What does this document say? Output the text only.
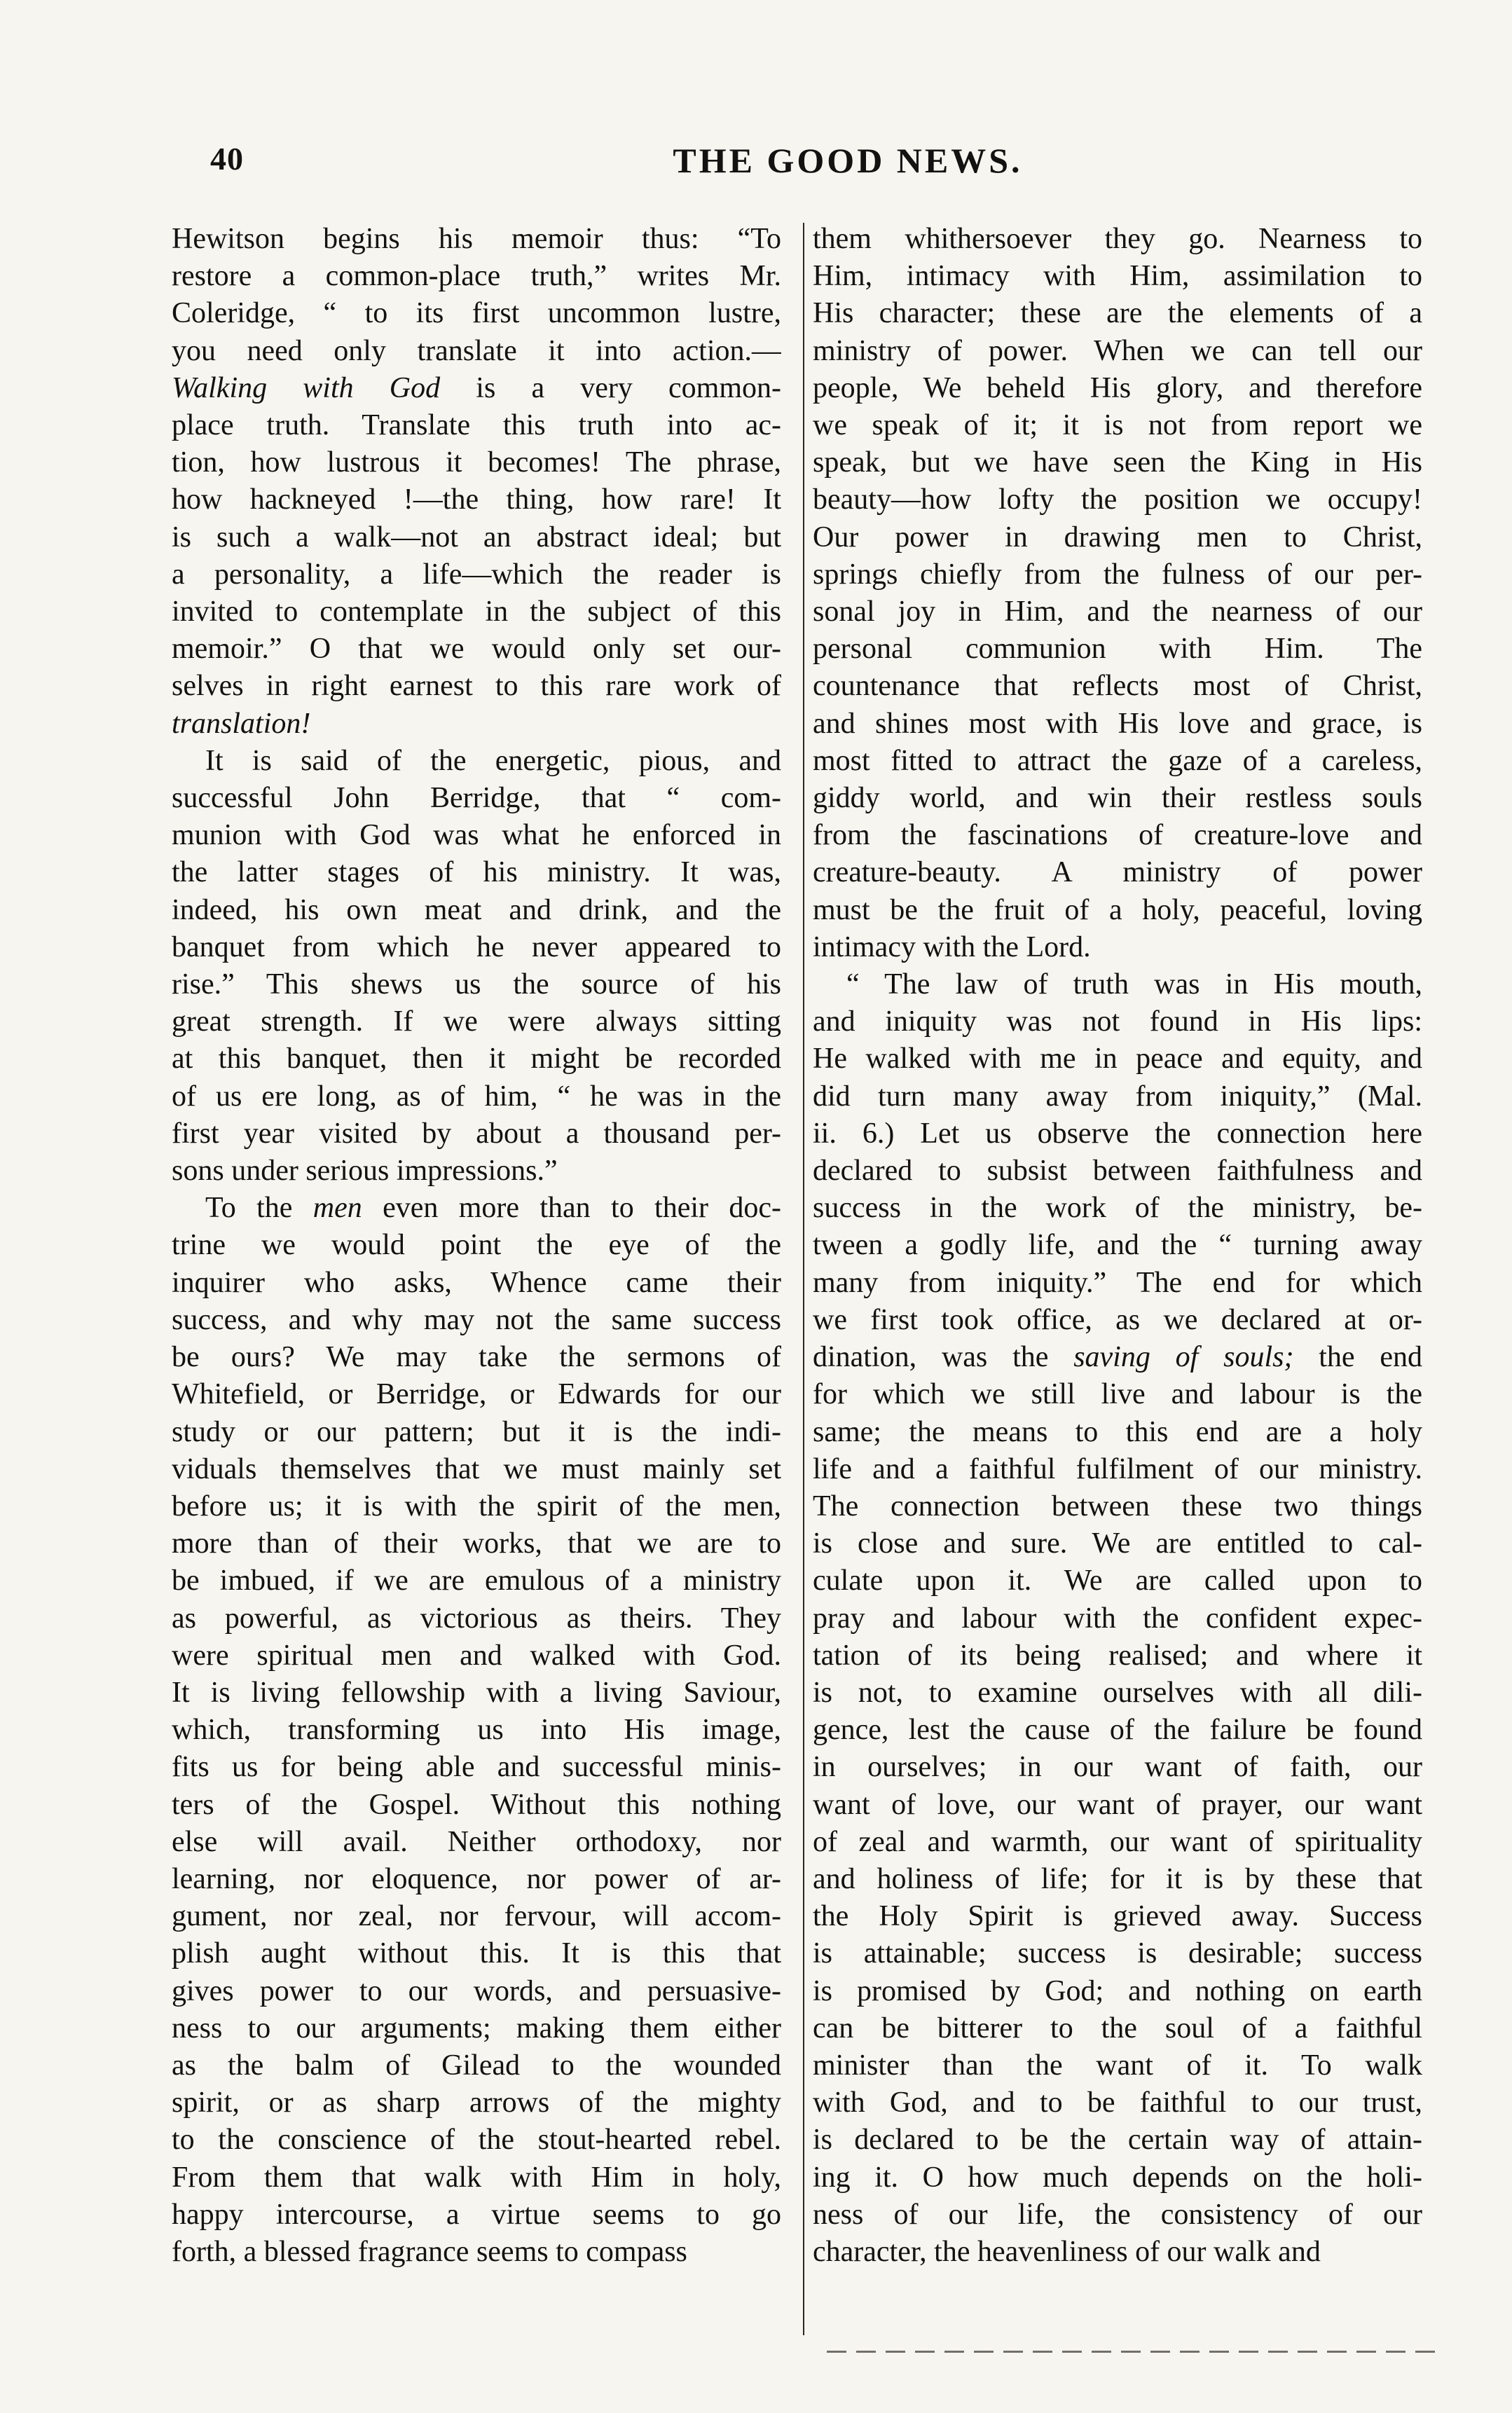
40	THE GOOD NEWS.
Hewitson begins his memoir thus: “To
restore a common-place truth,” writes Mr.
Coleridge, “ to its first uncommon lustre,
you need only translate it into action.—
Walking with God is a very common-
place truth. Translate this truth into ac-
tion, how lustrous it becomes! The phrase,
how hackneyed !—the thing, how rare! It
is such a walk—not an abstract ideal; but
a personality, a life—which the reader is
invited to contemplate in the subject of this
memoir.” O that we would only set our-
selves in right earnest to this rare work of
translation!
It is said of the energetic, pious, and
successful John Berridge, that “ com-
munion with God was what he enforced in
the latter stages of his ministry. It was,
indeed, his own meat and drink, and the
banquet from which he never appeared to
rise.” This shews us the source of his
great strength. If we were always sitting
at this banquet, then it might be recorded
of us ere long, as of him, “ he was in the
first year visited by about a thousand per-
sons under serious impressions.”
To the men even more than to their doc-
trine we would point the eye of the
inquirer who asks, Whence came their
success, and why may not the same success
be ours? We may take the sermons of
Whitefield, or Berridge, or Edwards for our
study or our pattern; but it is the indi-
viduals themselves that we must mainly set
before us; it is with the spirit of the men,
more than of their works, that we are to
be imbued, if we are emulous of a ministry
as powerful, as victorious as theirs. They
were spiritual men and walked with God.
It is living fellowship with a living Saviour,
which, transforming us into His image,
fits us for being able and successful minis-
ters of the Gospel. Without this nothing
else will avail. Neither orthodoxy, nor
learning, nor eloquence, nor power of ar-
gument, nor zeal, nor fervour, will accom-
plish aught without this. It is this that
gives power to our words, and persuasive-
ness to our arguments; making them either
as the balm of Gilead to the wounded
spirit, or as sharp arrows of the mighty
to the conscience of the stout-hearted rebel.
From them that walk with Him in holy,
happy intercourse, a virtue seems to go
forth, a blessed fragrance seems to compass
them whithersoever they go. Nearness to
Him, intimacy with Him, assimilation to
His character; these are the elements of a
ministry of power. When we can tell our
people, We beheld His glory, and therefore
we speak of it; it is not from report we
speak, but we have seen the King in His
beauty—how lofty the position we occupy!
Our power in drawing men to Christ,
springs chiefly from the fulness of our per-
sonal joy in Him, and the nearness of our
personal communion with Him. The
countenance that reflects most of Christ,
and shines most with His love and grace, is
most fitted to attract the gaze of a careless,
giddy world, and win their restless souls
from the fascinations of creature-love and
creature-beauty. A ministry of power
must be the fruit of a holy, peaceful, loving
intimacy with the Lord.
“ The law of truth was in His mouth,
and iniquity was not found in His lips:
He walked with me in peace and equity, and
did turn many away from iniquity,” (Mal.
ii. 6.) Let us observe the connection here
declared to subsist between faithfulness and
success in the work of the ministry, be-
tween a godly life, and the “ turning away
many from iniquity.” The end for which
we first took office, as we declared at or-
dination, was the saving of souls; the end
for which we still live and labour is the
same; the means to this end are a holy
life and a faithful fulfilment of our ministry.
The connection between these two things
is close and sure. We are entitled to cal-
culate upon it. We are called upon to
pray and labour with the confident expec-
tation of its being realised; and where it
is not, to examine ourselves with all dili-
gence, lest the cause of the failure be found
in ourselves; in our want of faith, our
want of love, our want of prayer, our want
of zeal and warmth, our want of spirituality
and holiness of life; for it is by these that
the Holy Spirit is grieved away. Success
is attainable; success is desirable; success
is promised by God; and nothing on earth
can be bitterer to the soul of a faithful
minister than the want of it. To walk
with God, and to be faithful to our trust,
is declared to be the certain way of attain-
ing it. O how much depends on the holi-
ness of our life, the consistency of our
character, the heavenliness of our walk and
